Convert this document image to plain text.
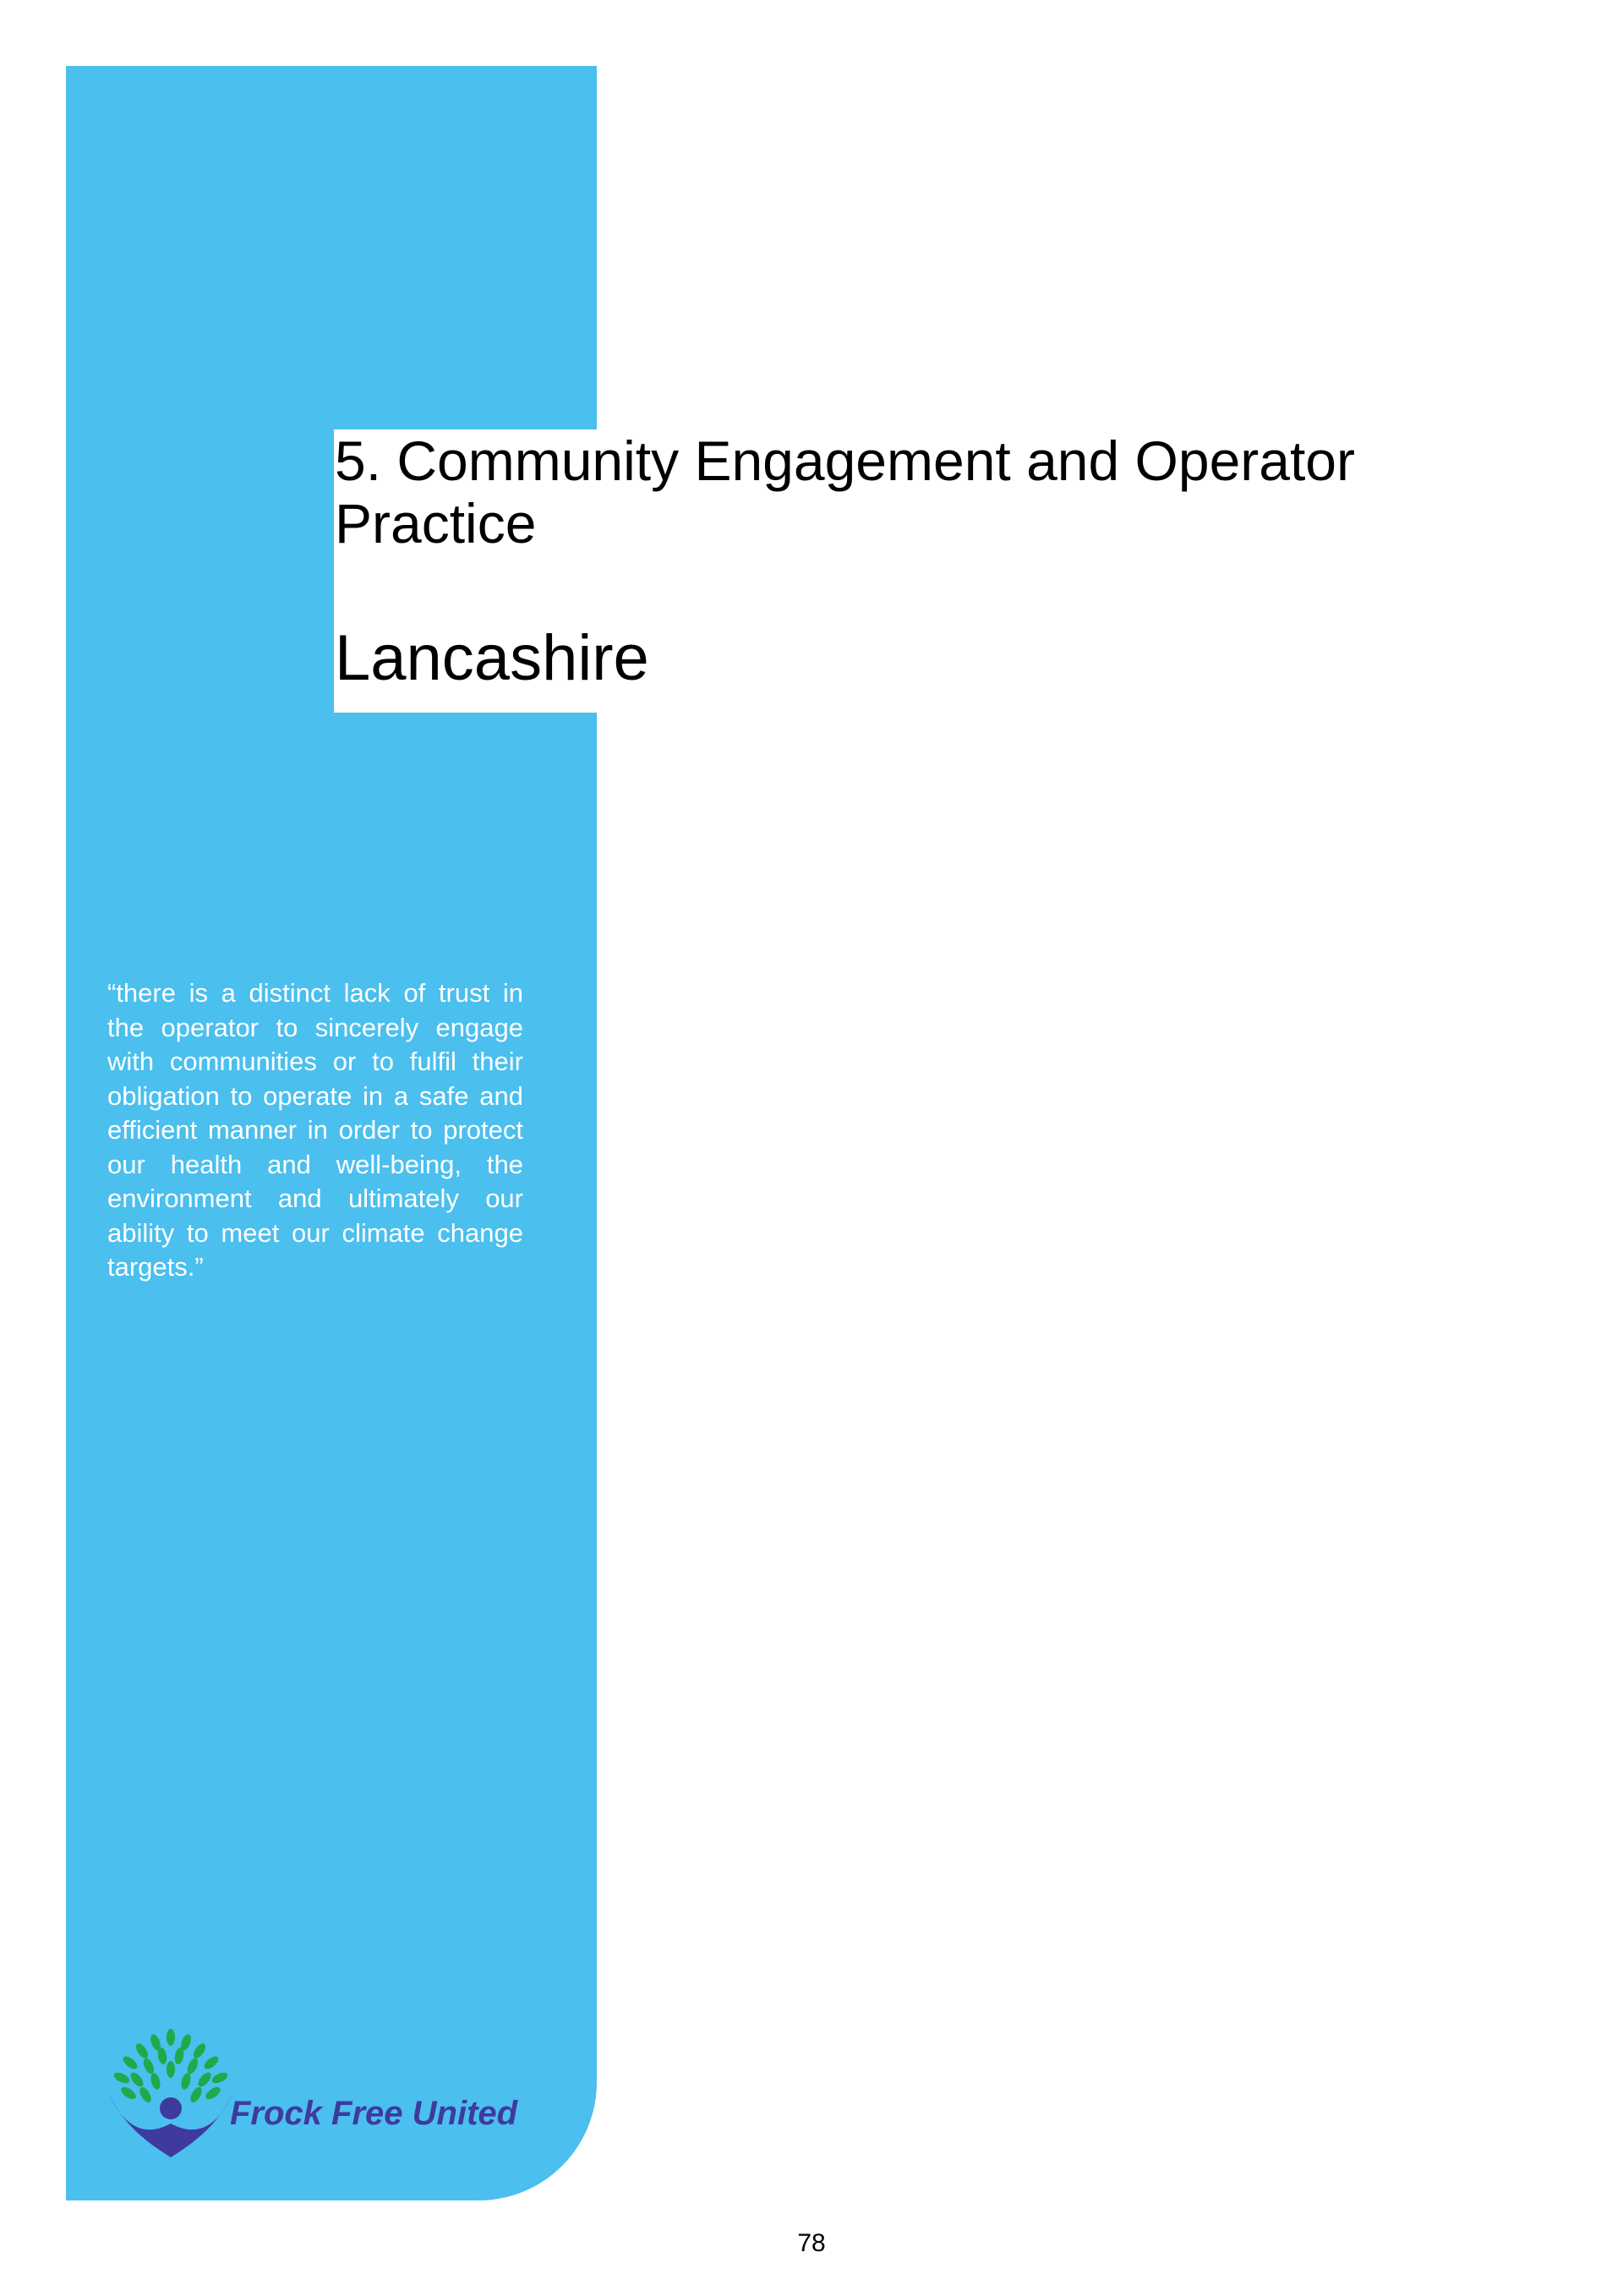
5. Community Engagement and Operator Practice
Lancashire

“there is a distinct lack of trust in the operator to sincerely engage with communities or to fulfil their obligation to operate in a safe and efficient manner in order to protect our health and well-being, the environment and ultimately our ability to meet our climate change targets.”

Frock Free United
78
